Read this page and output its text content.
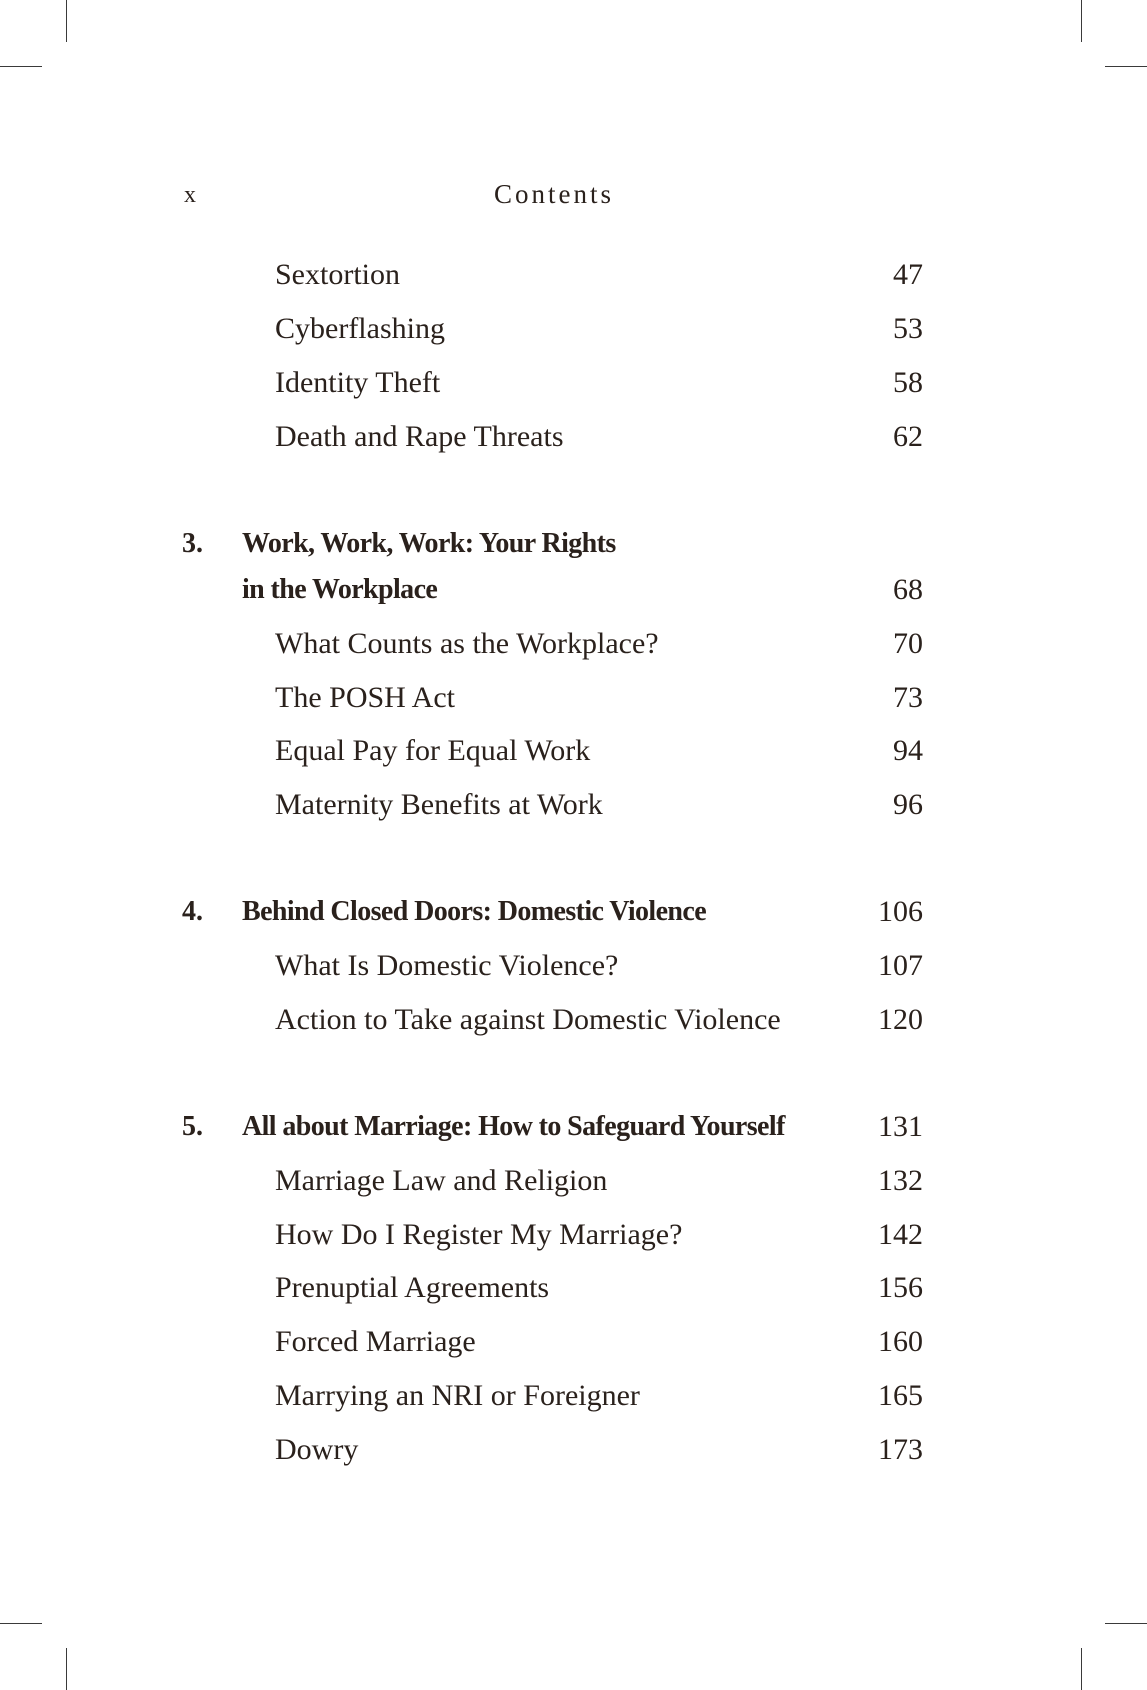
x	Contents
Sextortion	47
Cyberflashing	53
Identity Theft	58
Death and Rape Threats	62
3. Work, Work, Work: Your Rights
in the Workplace	68
What Counts as the Workplace?	70
The POSH Act	73
Equal Pay for Equal Work	94
Maternity Benefits at Work	96
4. Behind Closed Doors: Domestic Violence	106
What Is Domestic Violence?	107
Action to Take against Domestic Violence	120
5. All about Marriage: How to Safeguard Yourself	131
Marriage Law and Religion	132
How Do I Register My Marriage?	142
Prenuptial Agreements	156
Forced Marriage	160
Marrying an NRI or Foreigner	165
Dowry	173
